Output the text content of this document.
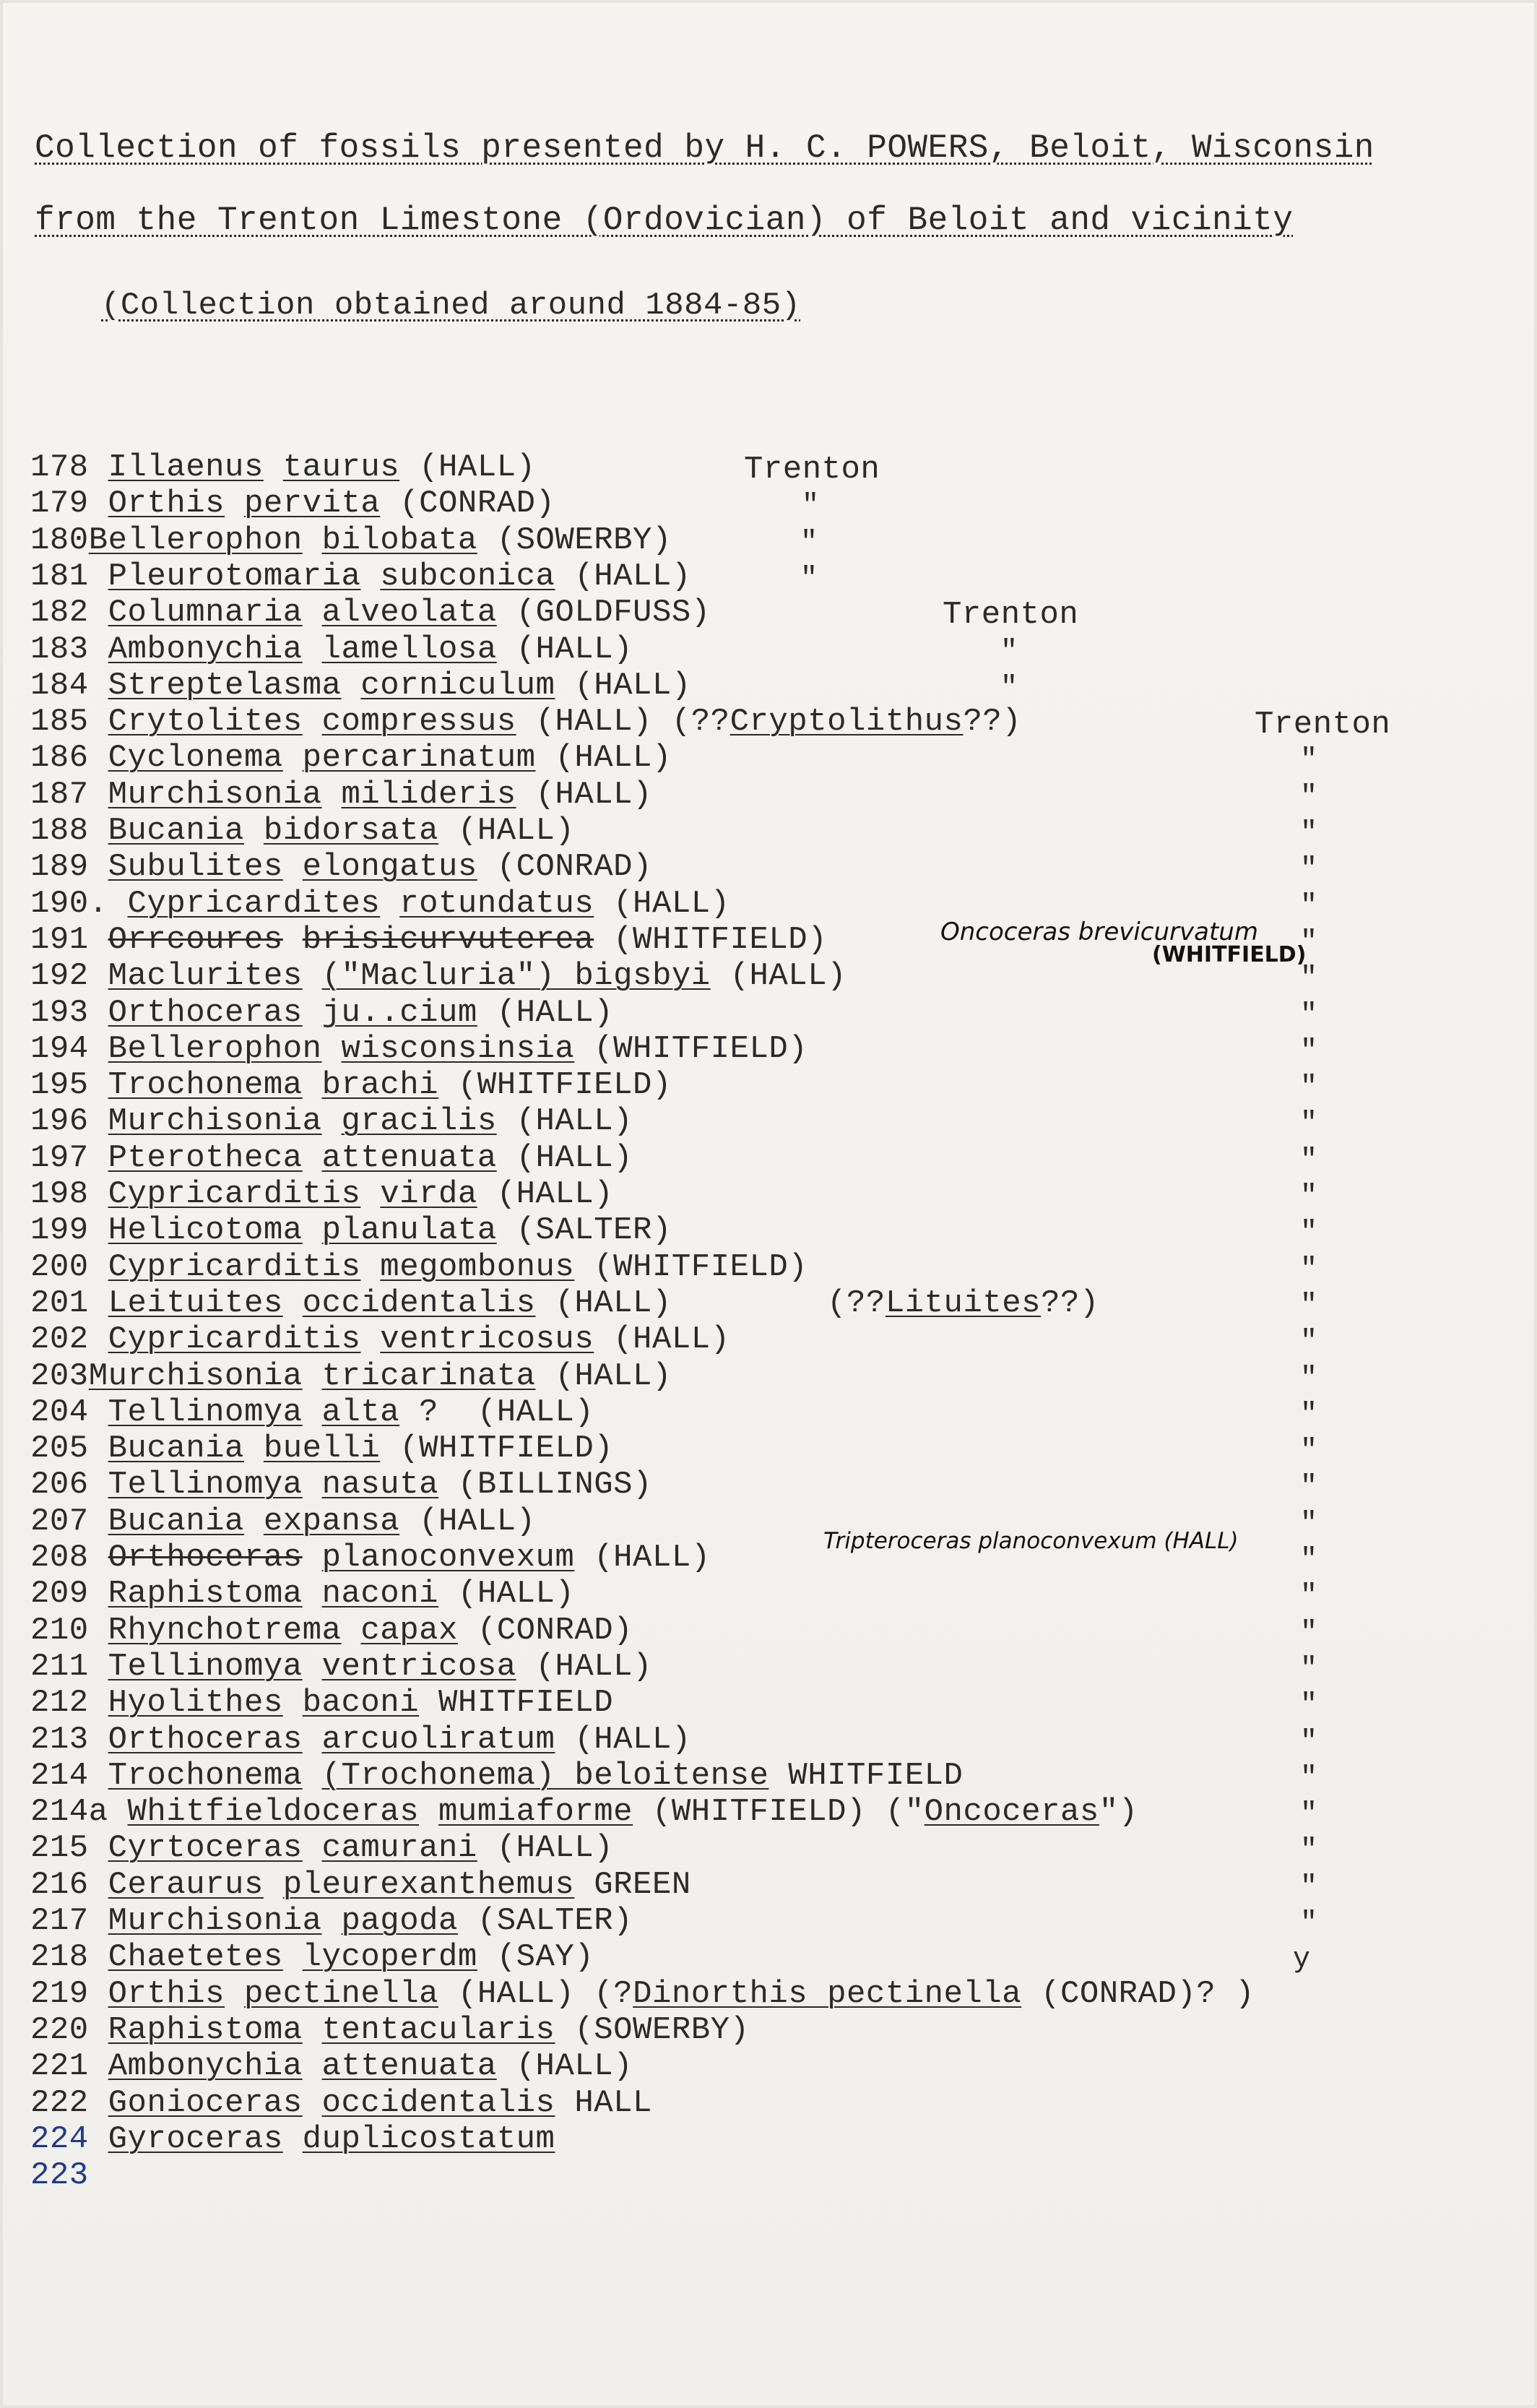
Collection of fossils presented by H. C. POWERS, Beloit, Wisconsin
from the Trenton Limestone (Ordovician) of Beloit and vicinity
(Collection obtained around 1884-85)
178 Illaenus taurus (HALL)
179 Orthis pervita (CONRAD)
180Bellerophon bilobata (SOWERBY)
181 Pleurotomaria subconica (HALL)
182 Columnaria alveolata (GOLDFUSS)
183 Ambonychia lamellosa (HALL)
184 Streptelasma corniculum (HALL)
185 Crytolites compressus (HALL) (??Cryptolithus??)
186 Cyclonema percarinatum (HALL)
187 Murchisonia milideris (HALL)
188 Bucania bidorsata (HALL)
189 Subulites elongatus (CONRAD)
190. Cypricardites rotundatus (HALL)
191 Orrcoures brisicurvuterea (WHITFIELD)
192 Maclurites ("Macluria") bigsbyi (HALL)
193 Orthoceras ju..cium (HALL)
194 Bellerophon wisconsinsia (WHITFIELD)
195 Trochonema brachi (WHITFIELD)
196 Murchisonia gracilis (HALL)
197 Pterotheca attenuata (HALL)
198 Cypricarditis virda (HALL)
199 Helicotoma planulata (SALTER)
200 Cypricarditis megombonus (WHITFIELD)
201 Leituites occidentalis (HALL)	(??Lituites??)
202 Cypricarditis ventricosus (HALL)
203Murchisonia tricarinata (HALL)
204 Tellinomya alta ?  (HALL)
205 Bucania buelli (WHITFIELD)
206 Tellinomya nasuta (BILLINGS)
207 Bucania expansa (HALL)
208 Orthoceras planoconvexum (HALL)
209 Raphistoma naconi (HALL)
210 Rhynchotrema capax (CONRAD)
211 Tellinomya ventricosa (HALL)
212 Hyolithes baconi WHITFIELD
213 Orthoceras arcuoliratum (HALL)
214 Trochonema (Trochonema) beloitense WHITFIELD
214a Whitfieldoceras mumiaforme (WHITFIELD) ("Oncoceras")
215 Cyrtoceras camurani (HALL)
216 Ceraurus pleurexanthemus GREEN
217 Murchisonia pagoda (SALTER)
218 Chaetetes lycoperdm (SAY)
219 Orthis pectinella (HALL) (?Dinorthis pectinella (CONRAD)? )
220 Raphistoma tentacularis (SOWERBY)
221 Ambonychia attenuata (HALL)
222 Gonioceras occidentalis HALL
224 Gyroceras duplicostatum
223
Trenton
Trenton
Trenton
"
"
"
"
"
"
"
"
"
"
"
"
"
"
"
"
"
"
"
"
"
"
"
"
"
"
"
"
"
"
"
"
"
"
"
"
"
"
y
Oncoceras brevicurvatum
(WHITFIELD)
Tripteroceras planoconvexum (HALL)
